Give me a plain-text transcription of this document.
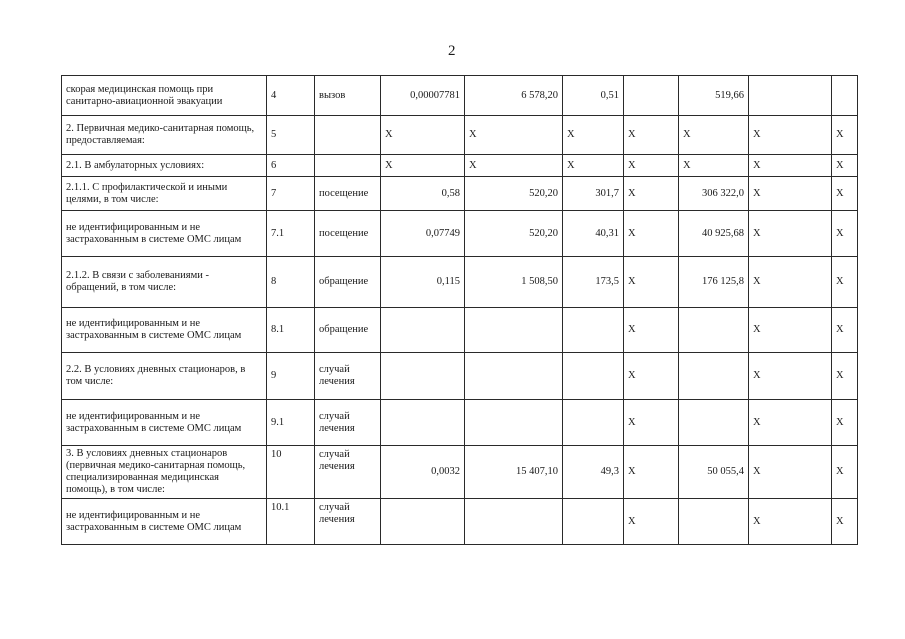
2
скорая медицинская помощь при санитарно-авиационной эвакуации	4	вызов	0,00007781	6 578,20	0,51		519,66		
2. Первичная медико-санитарная помощь, предоставляемая:	5		X	X	X	X	X	X	X
2.1. В амбулаторных условиях:	6		X	X	X	X	X	X	X
2.1.1. С профилактической и иными целями, в том числе:	7	посещение	0,58	520,20	301,7	X	306 322,0	X	X
не идентифицированным и не застрахованным в системе ОМС лицам	7.1	посещение	0,07749	520,20	40,31	X	40 925,68	X	X
2.1.2. В связи с заболеваниями - обращений, в том числе:	8	обращение	0,115	1 508,50	173,5	X	176 125,8	X	X
не идентифицированным и не застрахованным в системе ОМС лицам	8.1	обращение				X		X	X
2.2. В условиях дневных стационаров, в том числе:	9	случай лечения				X		X	X
не идентифицированным и не застрахованным в системе ОМС лицам	9.1	случай лечения				X		X	X
3. В условиях дневных стационаров (первичная медико-санитарная помощь, специализированная медицинская помощь), в том числе:	10	случай лечения	0,0032	15 407,10	49,3	X	50 055,4	X	X
не идентифицированным и не застрахованным в системе ОМС лицам	10.1	случай лечения				X		X	X
